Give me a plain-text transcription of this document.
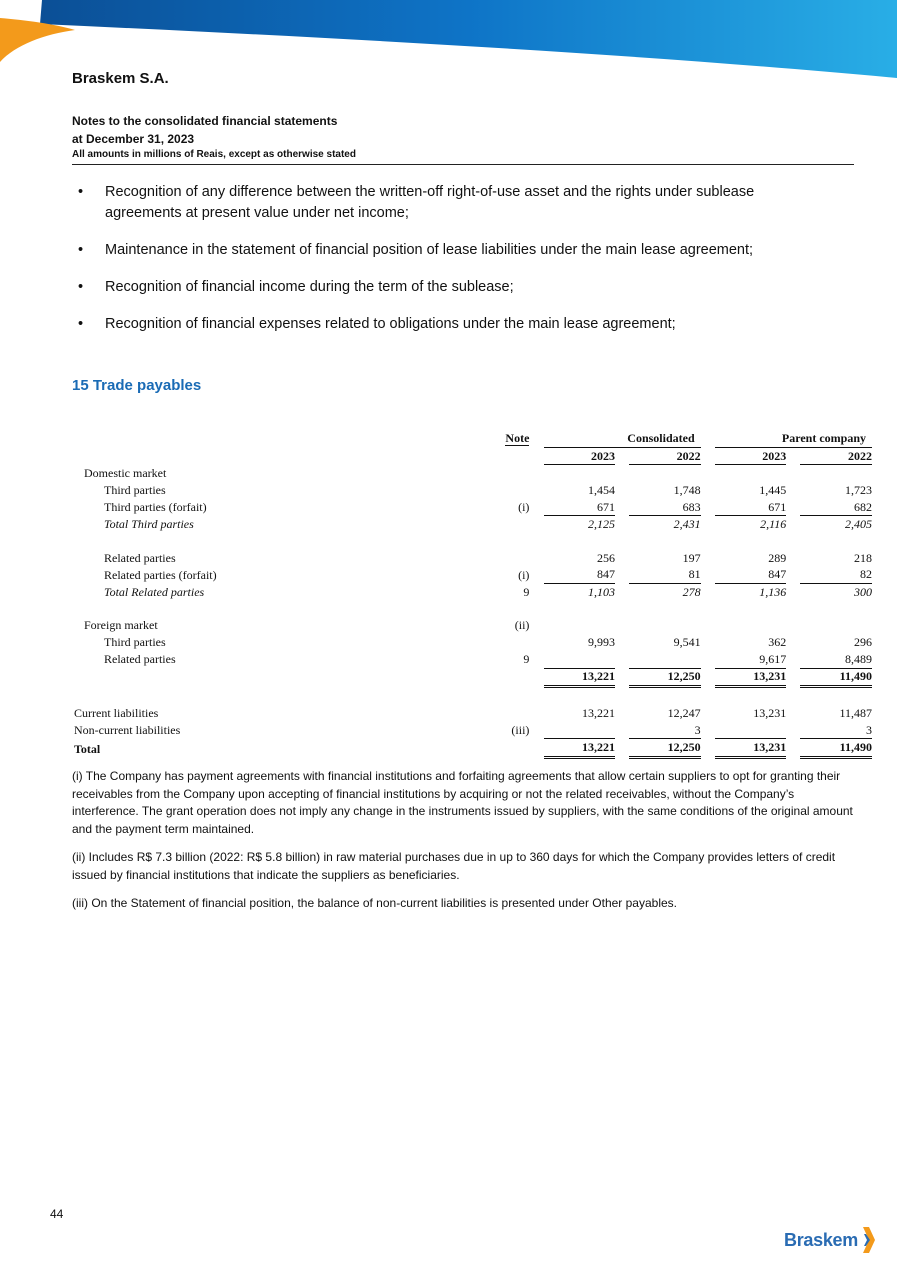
Braskem S.A.
Notes to the consolidated financial statements
at December 31, 2023
All amounts in millions of Reais, except as otherwise stated
• Recognition of any difference between the written-off right-of-use asset and the rights under sublease agreements at present value under net income;
• Maintenance in the statement of financial position of lease liabilities under the main lease agreement;
• Recognition of financial income during the term of the sublease;
• Recognition of financial expenses related to obligations under the main lease agreement;
15 Trade payables
	Note		Consolidated				Parent company		
			2023		2022		2023		2022
Domestic market									
Third parties			1,454		1,748		1,445		1,723
Third parties (forfait)	(i)		671		683		671		682
Total Third parties			2,125		2,431		2,116		2,405

Related parties			256		197		289		218
Related parties (forfait)	(i)		847		81		847		82
Total Related parties	9		1,103		278		1,136		300

Foreign market	(ii)								
Third parties			9,993		9,541		362		296
Related parties	9						9,617		8,489
			13,221		12,250		13,231		11,490

Current liabilities			13,221		12,247		13,231		11,487
Non-current liabilities	(iii)				3				3
Total			13,221		12,250		13,231		11,490

(i) The Company has payment agreements with financial institutions and forfaiting agreements that allow certain suppliers to opt for granting their receivables from the Company upon accepting of financial institutions by acquiring or not the related receivables, without the Company’s interference. The grant operation does not imply any change in the instruments issued by suppliers, with the same conditions of the original amount and the payment term maintained.

(ii) Includes R$ 7.3 billion (2022: R$ 5.8 billion) in raw material purchases due in up to 360 days for which the Company provides letters of credit issued by financial institutions that indicate the suppliers as beneficiaries.

(iii) On the Statement of financial position, the balance of non-current liabilities is presented under Other payables.

44
Braskem
